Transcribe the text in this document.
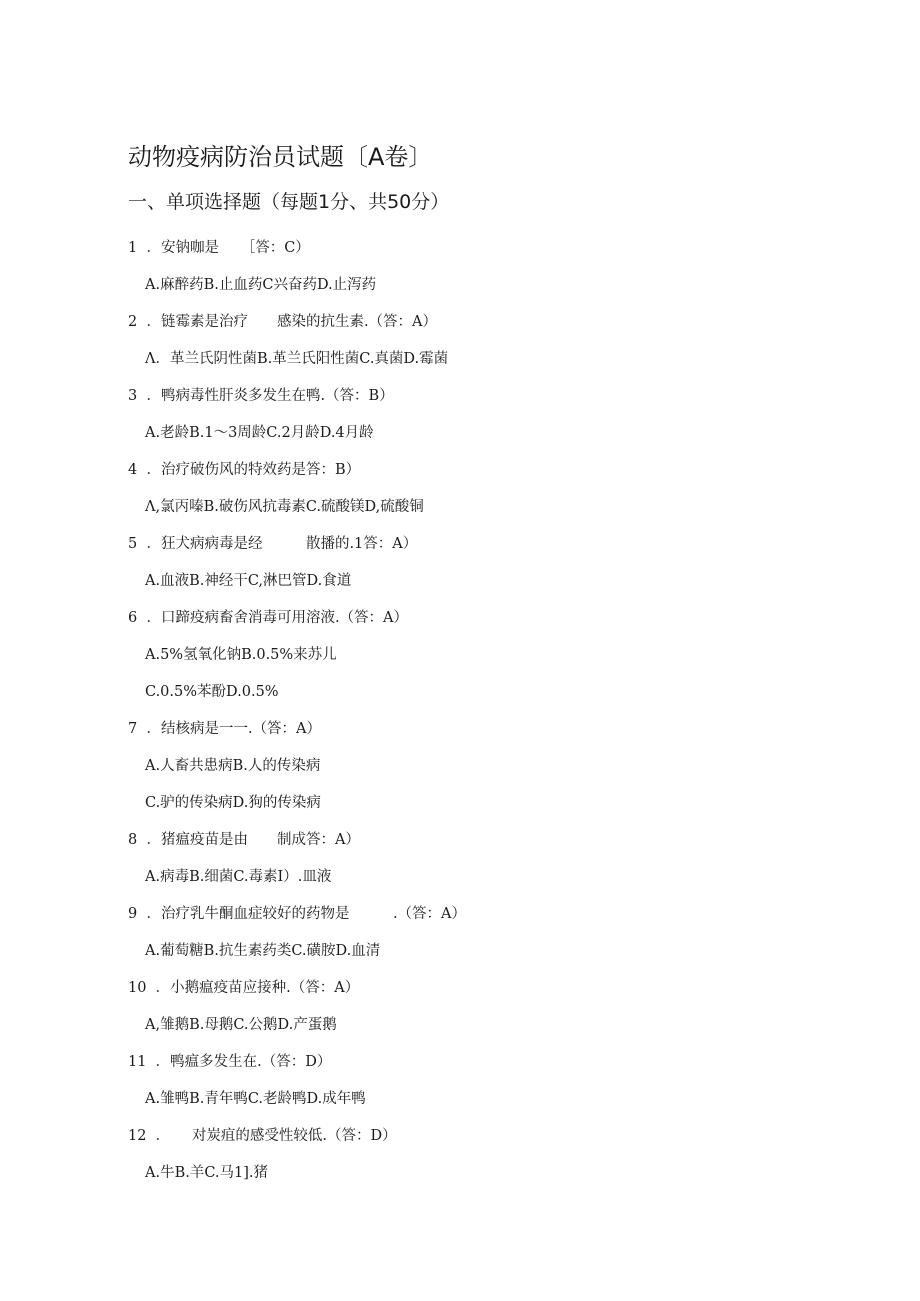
动物疫病防治员试题〔A卷〕
一、单项选择题（每题1分、共50分）
1 ．安钠咖是　　［答：C）
A.麻醉药B.止血药C兴奋药D.止泻药
2 ．链霉素是治疗　　感染的抗生素.（答：A）
Λ．革兰氏阴性菌B.革兰氏阳性菌C.真菌D.霉菌
3 ．鸭病毒性肝炎多发生在鸭.（答：B）
A.老龄B.1～3周龄C.2月龄D.4月龄
4 ．治疗破伤风的特效药是答：B）
Λ,氯丙嗪B.破伤风抗毒素C.硫酸镁D,硫酸铜
5 ．狂犬病病毒是经　　　散播的.1答：A）
A.血液B.神经干C,淋巴管D.食道
6 ．口蹄疫病畜舍消毒可用溶液.（答：A）
A.5%氢氧化钠B.0.5%来苏儿
C.0.5%苯酚D.0.5%
7 ．结核病是一一.（答：A）
A.人畜共患病B.人的传染病
C.驴的传染病D.狗的传染病
8 ．猪瘟疫苗是由　　制成答：A）
A.病毒B.细菌C.毒素I）.皿液
9 ．治疗乳牛酮血症较好的药物是　　　.（答：A）
A.葡萄糖B.抗生素药类C.磺胺D.血清
10 ．小鹅瘟疫苗应接种.（答：A）
A,雏鹅B.母鹅C.公鹅D.产蛋鹅
11 ．鸭瘟多发生在.（答：D）
A.雏鸭B.青年鸭C.老龄鸭D.成年鸭
12 ．　　对炭疽的感受性较低.（答：D）
A.牛B.羊C.马1].猪
